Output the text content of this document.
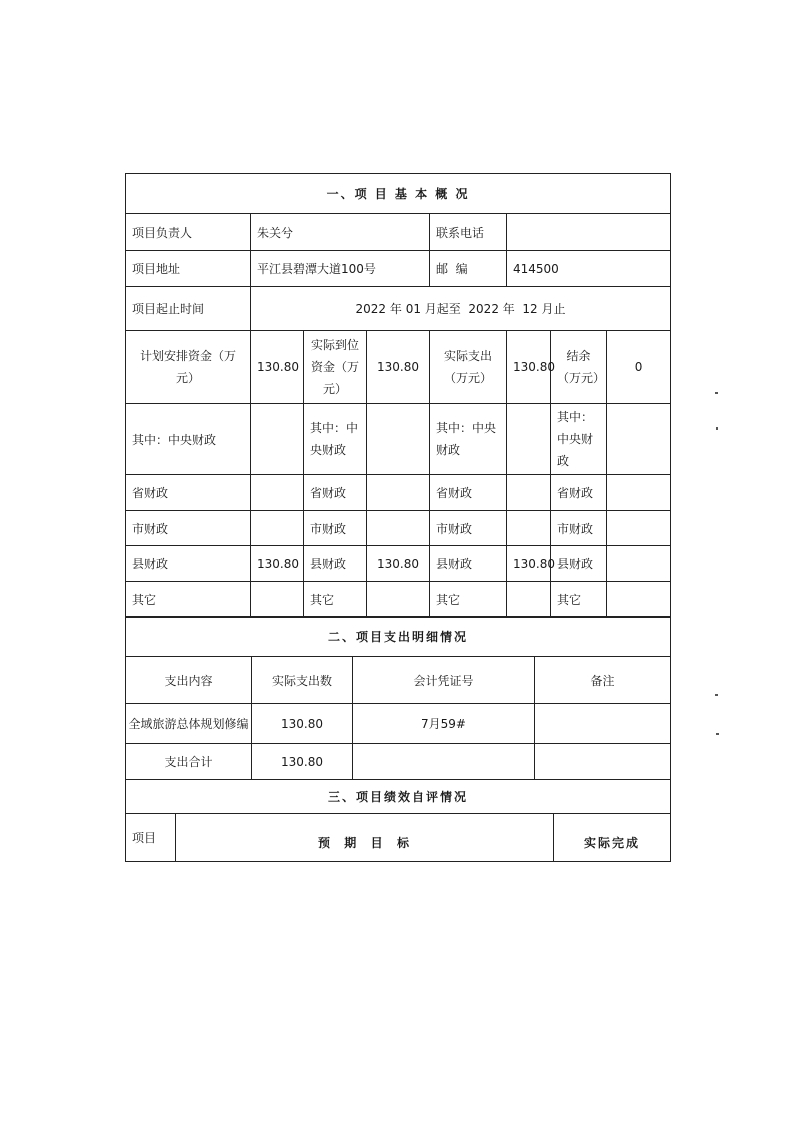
一、项 目 基 本 概 况							
项目负责人	朱关兮			联系电话			
项目地址	平江县碧潭大道100号			邮  编	414500		
项目起止时间	2022 年 01 月起至  2022 年  12 月止						
计划安排资金（万元）	130.80	实际到位资金（万元）	130.80	实际支出（万元）	130.80	结余（万元）	0
其中：中央财政		其中：中央财政		其中：中央财政		其中：中央财政	
省财政		省财政		省财政		省财政	
市财政		市财政		市财政		市财政	
县财政	130.80	县财政	130.80	县财政	130.80	县财政	
其它		其它		其它		其它	
二、项目支出明细情况			
支出内容	实际支出数	会计凭证号	备注
全域旅游总体规划修编	130.80	7月59#	
支出合计	130.80		
三、项目绩效自评情况
项目	预  期  目  标	实际完成
